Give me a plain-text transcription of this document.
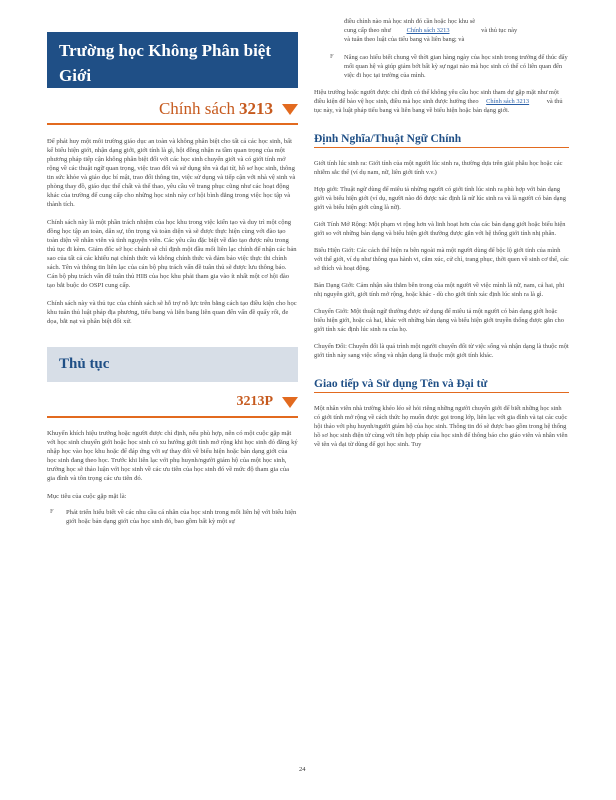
Trường học Không Phân biệt Giới
tính	Chính sách 3213

Để phát huy một môi trường giáo dục an toàn và không phân biệt cho tất cả các học sinh, bất kể biểu hiện giới, nhận dạng giới, giới tính là gì, hội đồng nhận ra tầm quan trọng của một phương pháp tiếp cận không phân biệt đối với các học sinh chuyển giới và có giới tính mở rộng về các thuật ngữ quan trọng, việc trao đổi và sử dụng tên và đại từ, hồ sơ học sinh, thông tin sức khỏe và giáo dục bí mật, trao đổi thông tin, việc sử dụng và tiếp cận với nhà vệ sinh và phòng thay đồ, giáo dục thể chất và thể thao, yêu cầu về trang phục cũng như các hoạt động khác của trường để cung cấp cho những học sinh này cơ hội bình đẳng trong việc học tập và thành tích.

Chính sách này là một phần trách nhiệm của học khu trong việc kiến tạo và duy trì một cộng đồng học tập an toàn, dân sự, tôn trọng và toàn diện và sẽ được thực hiện cùng với đào tạo toàn diện về nhân viên và tình nguyện viên. Các yêu cầu đặc biệt về đào tạo được nêu trong thủ tục đi kèm. Giám đốc sở học chánh sẽ chỉ định một đầu mối liên lạc chính để nhận các bản sao của tất cả các khiếu nại chính thức và không chính thức và đảm bảo việc thực thi chính sách. Tên và thông tin liên lạc của cán bộ phụ trách vấn đề tuân thủ sẽ được lưu thông báo. Cán bộ phụ trách vấn đề tuân thủ HIB của học khu phải tham gia vào ít nhất một cơ hội đào tạo bắt buộc do OSPI cung cấp.

Chính sách này và thủ tục của chính sách sẽ hỗ trợ nỗ lực trên bằng cách tạo điều kiện cho học khu tuân thủ luật pháp địa phương, tiểu bang và liên bang liên quan đến vấn đề quấy rối, đe dọa, bắt nạt và phân biệt đối xử.

Thủ tục
3213P

Khuyến khích hiệu trưởng hoặc người được chỉ định, nếu phù hợp, nên có một cuộc gặp mặt với học sinh chuyển giới hoặc học sinh có xu hướng giới tính mở rộng khi học sinh đó đăng ký nhập học vào học khu hoặc để đáp ứng với sự thay đổi về biểu hiện hoặc bản dạng giới của học sinh đang theo học. Trước khi liên lạc với phụ huynh/người giám hộ của một học sinh, trường học sẽ thảo luận với học sinh về các ưu tiên của học sinh đó về mức độ tham gia của gia đình và tôn trọng các ưu tiên đó.

Mục tiêu của cuộc gặp mặt là:

F	Phát triển hiểu biết về các nhu cầu cá nhân của học sinh trong mối liên hệ với biểu hiện giới hoặc bản dạng giới của học sinh đó, bao gồm bất kỳ một sự
điều chỉnh nào mà học sinh đó cần hoặc học khu sẽ
cung cấp theo như Chính sách 3213	và thủ tục này
và tuân theo luật của tiểu bang và liên bang; và
F	Nâng cao hiểu biết chung về thời gian hàng ngày của học sinh trong trường để thúc đẩy mối quan hệ và giúp giảm bớt bất kỳ sự ngại nào mà học sinh có thể có liên quan đến việc đi học tại trường của mình.

Hiệu trưởng hoặc người được chỉ định có thể không yêu cầu học sinh tham dự gặp mặt như một điều kiện để bảo vệ học sinh, điều mà học sinh được hưởng theo Chính sách 3213	và thủ tục này, và luật pháp tiểu bang và liên bang về biểu hiện hoặc bản dạng giới.

Định Nghĩa/Thuật Ngữ Chính

Giới tính lúc sinh ra: Giới tính của một người lúc sinh ra, thường dựa trên giải phẫu học hoặc các nhiễm sắc thể (ví dụ nam, nữ, liên giới tính v.v.)

Hợp giới: Thuật ngữ dùng để miêu tả những người có giới tính lúc sinh ra phù hợp với bản dạng giới và biểu hiện giới (ví dụ, người nào đó được xác định là nữ lúc sinh ra và là người có bản dạng giới và biểu hiện giới cũng là nữ).

Giới Tính Mở Rộng: Một phạm vi rộng hơn và linh hoạt hơn của các bản dạng giới hoặc biểu hiện giới so với những bản dạng và biểu hiện giới thường được gắn với hệ thống giới tính nhị phân.

Biểu Hiện Giới: Các cách thể hiện ra bên ngoài mà một người dùng để bộc lộ giới tính của mình với thế giới, ví dụ như thông qua hành vi, cắm xúc, cử chỉ, trang phục, thời quen về sinh cơ thể, các sở thích và hoạt động.

Bản Dạng Giới: Cảm nhận sâu thẳm bên trong của một người về việc mình là nữ, nam, cả hai, phi nhị nguyên giới, giới tính mở rộng, hoặc khác - dù cho giới tính xác định lúc sinh ra là gì.

Chuyển Giới: Một thuật ngữ thường được sử dụng để miêu tả một người có bản dạng giới hoặc biểu hiện giới, hoặc cả hai, khác với những bản dạng và biểu hiện giới truyền thống được gắn cho giới tính xác định lúc sinh ra của họ.

Chuyển Đổi: Chuyển đổi là quá trình một người chuyển đổi từ việc sống và nhận dạng là thuộc một giới tính này sang việc sống và nhận dạng là thuộc một giới tính khác.

Giao tiếp và Sử dụng Tên và Đại từ

Một nhân viên nhà trường khéo léo sẽ hỏi riêng những người chuyển giới để biết những học sinh có giới tính mở rộng về cách thức họ muốn được gọi trong lớp, liên lạc với gia đình và tại các cuộc hội thảo với phụ huynh/người giám hộ của học sinh. Thông tin đó sẽ được bao gồm trong hệ thống hồ sơ học sinh điện tử cùng với tên hợp pháp của học sinh để thông báo cho giáo viên và nhân viên về tên và đại từ dùng để gọi học sinh. Tuy

24
